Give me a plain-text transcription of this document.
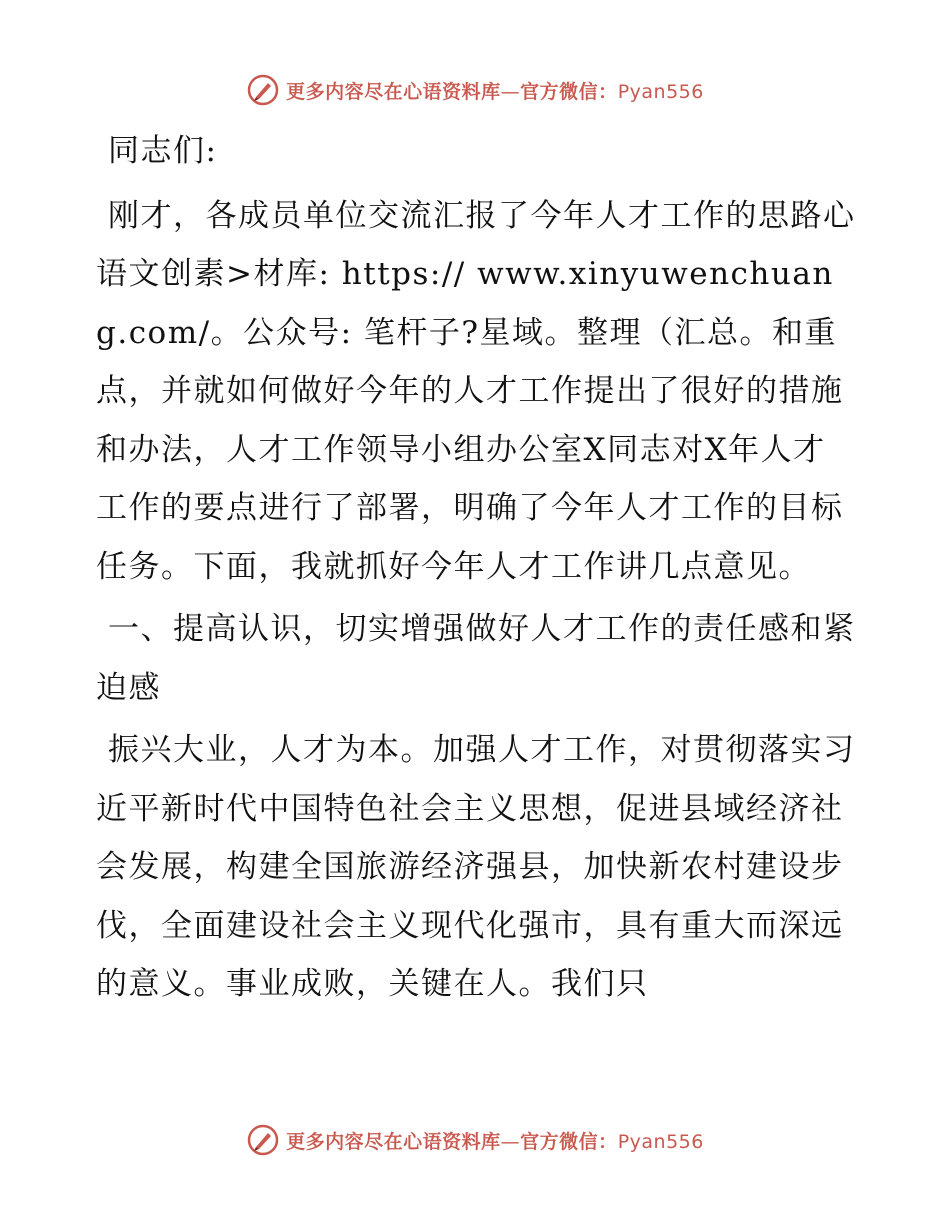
更多内容尽在心语资料库—官方微信：Pyan556

同志们:

刚才，各成员单位交流汇报了今年人才工作的思路心语文创素>材库: https:// www.xinyuwenchuang.com/。公众号: 笔杆子?星域。整理（汇总。和重点，并就如何做好今年的人才工作提出了很好的措施和办法，人才工作领导小组办公室X同志对X年人才工作的要点进行了部署，明确了今年人才工作的目标任务。下面，我就抓好今年人才工作讲几点意见。

一、提高认识，切实增强做好人才工作的责任感和紧迫感

振兴大业，人才为本。加强人才工作，对贯彻落实习近平新时代中国特色社会主义思想，促进县域经济社会发展，构建全国旅游经济强县，加快新农村建设步伐，全面建设社会主义现代化强市，具有重大而深远的意义。事业成败，关键在人。我们只

更多内容尽在心语资料库—官方微信：Pyan556
